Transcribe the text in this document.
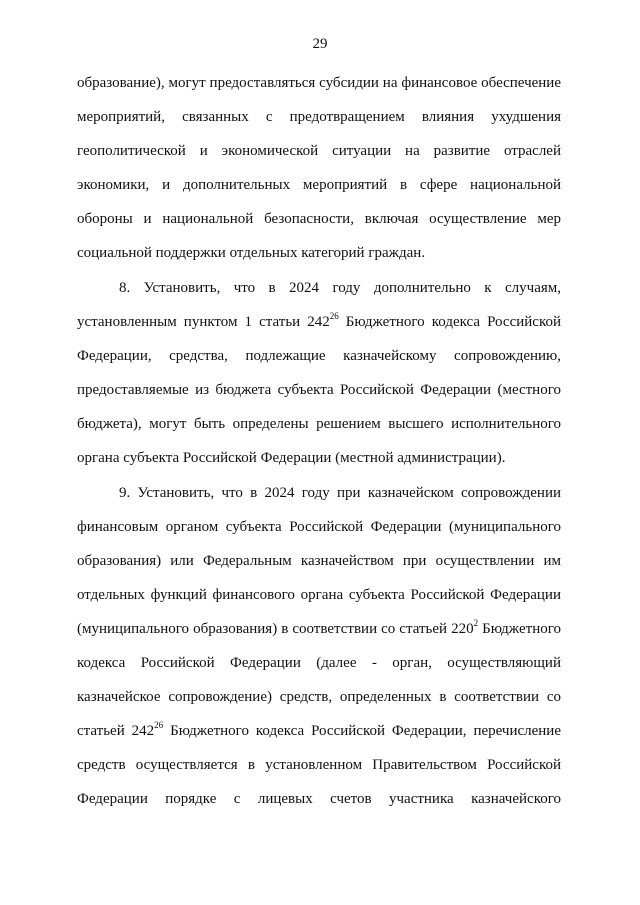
29
образование), могут предоставляться субсидии на финансовое обеспечение
мероприятий, связанных с предотвращением влияния ухудшения
геополитической и экономической ситуации на развитие отраслей
экономики, и дополнительных мероприятий в сфере национальной
обороны и национальной безопасности, включая осуществление мер
социальной поддержки отдельных категорий граждан.
8. Установить, что в 2024 году дополнительно к случаям,
установленным пунктом 1 статьи $242^{26}$ Бюджетного кодекса Российской
Федерации, средства, подлежащие казначейскому сопровождению,
предоставляемые из бюджета субъекта Российской Федерации (местного
бюджета), могут быть определены решением высшего исполнительного
органа субъекта Российской Федерации (местной администрации).
9. Установить, что в 2024 году при казначейском сопровождении
финансовым органом субъекта Российской Федерации (муниципального
образования) или Федеральным казначейством при осуществлении им
отдельных функций финансового органа субъекта Российской Федерации
(муниципального образования) в соответствии со статьей $220^2$ Бюджетного
кодекса Российской Федерации (далее - орган, осуществляющий
казначейское сопровождение) средств, определенных в соответствии со
статьей $242^{26}$ Бюджетного кодекса Российской Федерации, перечисление
средств осуществляется в установленном Правительством Российской
Федерации порядке с лицевых счетов участника казначейского
